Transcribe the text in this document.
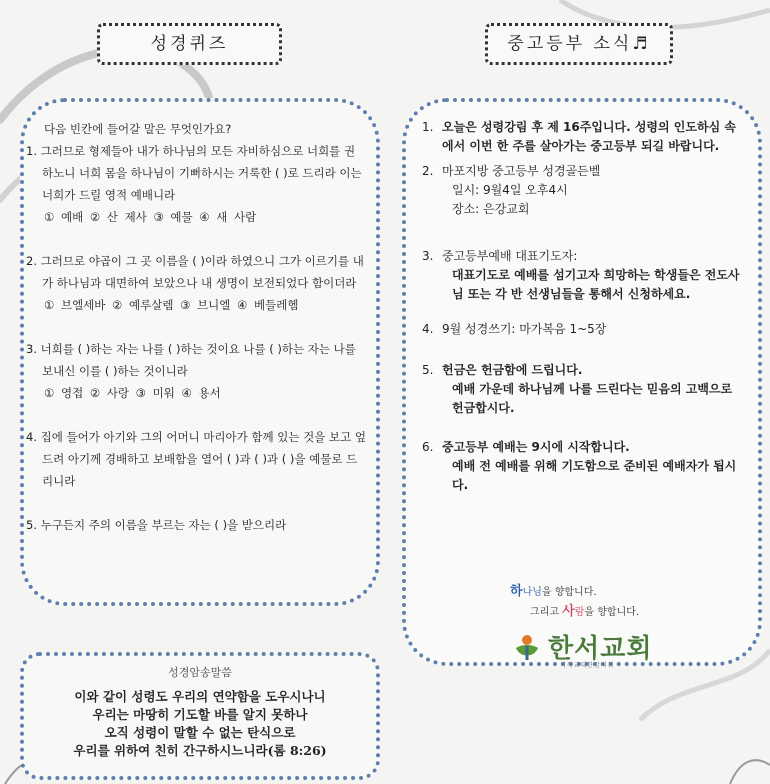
성경퀴즈	중고등부 소식♬
다음 빈칸에 들어갈 말은 무엇인가요?
1. 그러므로 형제들아 내가 하나님의 모든 자비하심으로 너희를 권하노니 너희 몸을 하나님이 기뻐하시는 거룩한 ( )로 드리라 이는 너희가 드릴 영적 예배니라
① 예배 ② 산 제사 ③ 예물 ④ 새 사람
2. 그러므로 야곱이 그 곳 이름을 ( )이라 하였으니 그가 이르기를 내가 하나님과 대면하여 보았으나 내 생명이 보전되었다 함이더라
① 브엘세바 ② 예루살렘 ③ 브니엘 ④ 베들레헴
3. 너희를 ( )하는 자는 나를 ( )하는 것이요 나를 ( )하는 자는 나를 보내신 이를 ( )하는 것이니라
① 영접 ② 사랑 ③ 미워 ④ 용서
4. 집에 들어가 아기와 그의 어머니 마리아가 함께 있는 것을 보고 엎드려 아기께 경배하고 보배함을 열어 ( )과 ( )과 ( )을 예물로 드리니라
5. 누구든지 주의 이름을 부르는 자는 ( )을 받으리라
성경암송말씀
이와 같이 성령도 우리의 연약함을 도우시나니
우리는 마땅히 기도할 바를 알지 못하나
오직 성령이 말할 수 없는 탄식으로
우리를 위하여 친히 간구하시느니라(롬 8:26)
1. 오늘은 성령강림 후 제 16주입니다. 성령의 인도하심 속에서 이번 한 주를 살아가는 중고등부 되길 바랍니다.
2. 마포지방 중고등부 성경골든벨
일시: 9월4일 오후4시
장소: 은강교회
3. 중고등부예배 대표기도자:
대표기도로 예배를 섬기고자 희망하는 학생들은 전도사님 또는 각 반 선생님들을 통해서 신청하세요.
4. 9월 성경쓰기: 마가복음 1~5장
5. 헌금은 헌금함에 드립니다.
예배 가운데 하나님께 나를 드린다는 믿음의 고백으로 헌금합시다.
6. 중고등부 예배는 9시에 시작합니다.
예배 전 예배를 위해 기도함으로 준비된 예배자가 됩시다.
하나님을 향합니다.
그리고 사람을 향합니다.
한서교회
기독교대한감리회
